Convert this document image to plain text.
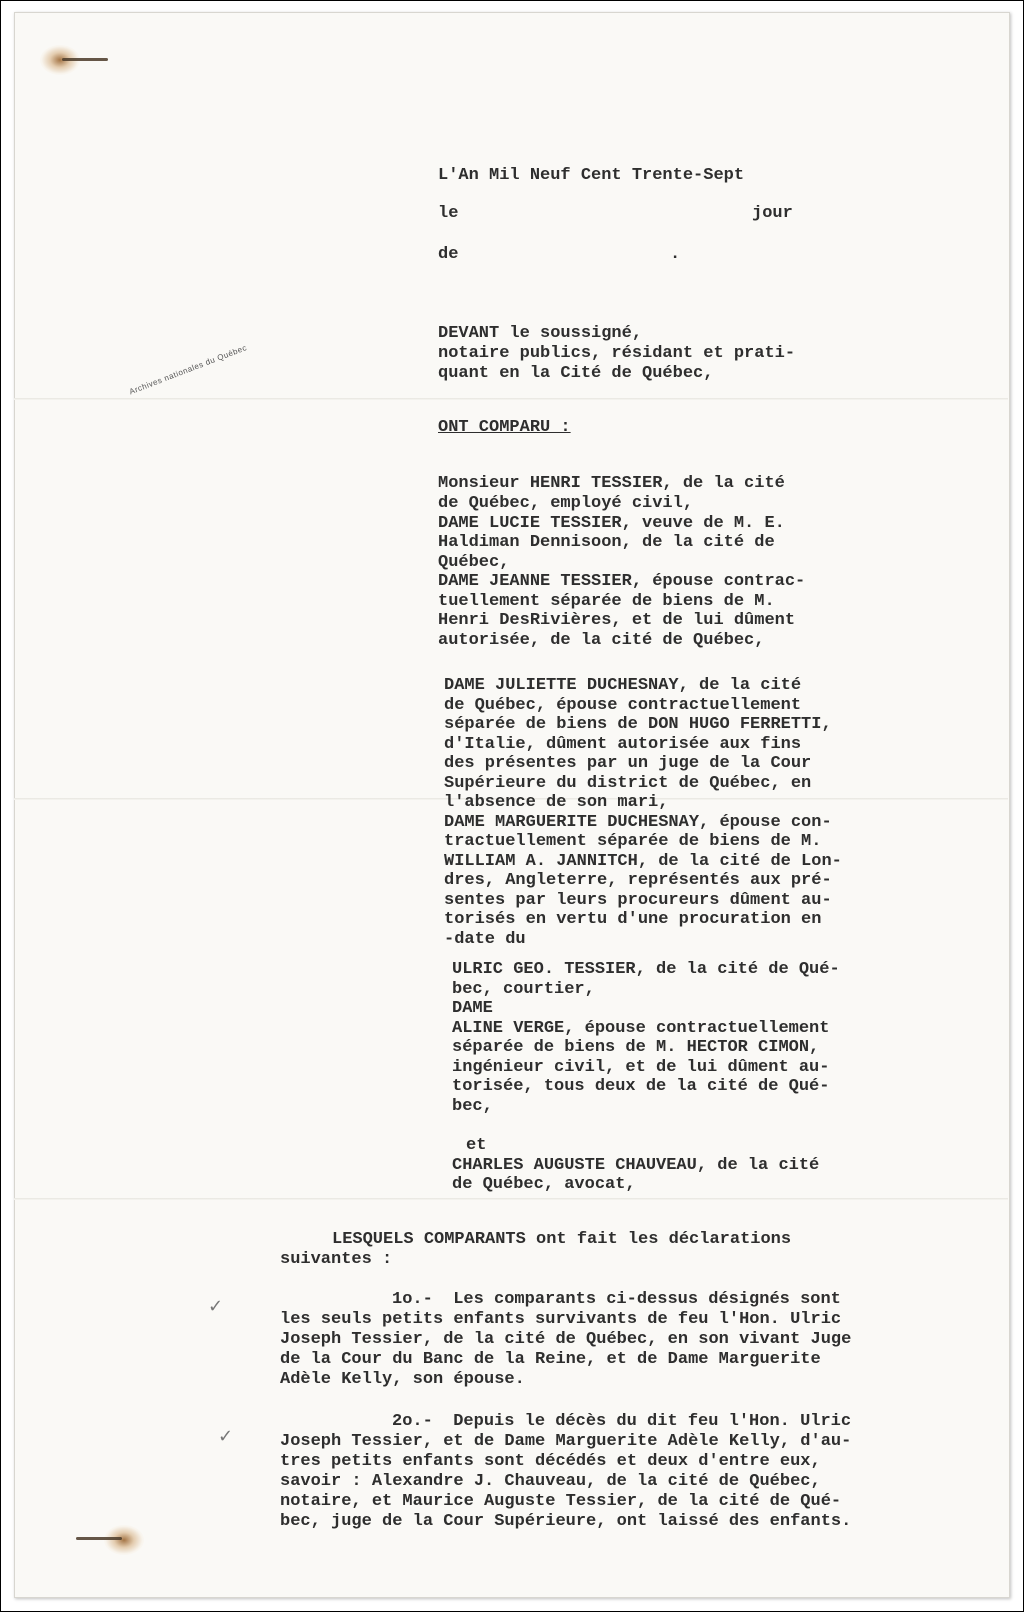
Archives nationales du Québec
L'An Mil Neuf Cent Trente-Sept
le	jour
de	.
DEVANT le soussigné,
notaire publics, résidant et prati-
quant en la Cité de Québec,
ONT COMPARU :
Monsieur HENRI TESSIER, de la cité
de Québec, employé civil,
DAME LUCIE TESSIER, veuve de M. E.
Haldiman Dennisoon, de la cité de
Québec,
DAME JEANNE TESSIER, épouse contrac-
tuellement séparée de biens de M.
Henri DesRivières, et de lui dûment
autorisée, de la cité de Québec,
DAME JULIETTE DUCHESNAY, de la cité
de Québec, épouse contractuellement
séparée de biens de DON HUGO FERRETTI,
d'Italie, dûment autorisée aux fins
des présentes par un juge de la Cour
Supérieure du district de Québec, en
l'absence de son mari,
DAME MARGUERITE DUCHESNAY, épouse con-
tractuellement séparée de biens de M.
WILLIAM A. JANNITCH, de la cité de Lon-
dres, Angleterre, représentés aux pré-
sentes par leurs procureurs dûment au-
torisés en vertu d'une procuration en
-date du
ULRIC GEO. TESSIER, de la cité de Qué-
bec, courtier,
DAME
ALINE VERGE, épouse contractuellement
séparée de biens de M. HECTOR CIMON,
ingénieur civil, et de lui dûment au-
torisée, tous deux de la cité de Qué-
bec,
et
CHARLES AUGUSTE CHAUVEAU, de la cité
de Québec, avocat,
LESQUELS COMPARANTS ont fait les déclarations
suivantes :
✓
✓
1o.-  Les comparants ci-dessus désignés sont
les seuls petits enfants survivants de feu l'Hon. Ulric
Joseph Tessier, de la cité de Québec, en son vivant Juge
de la Cour du Banc de la Reine, et de Dame Marguerite
Adèle Kelly, son épouse.
2o.-  Depuis le décès du dit feu l'Hon. Ulric
Joseph Tessier, et de Dame Marguerite Adèle Kelly, d'au-
tres petits enfants sont décédés et deux d'entre eux,
savoir : Alexandre J. Chauveau, de la cité de Québec,
notaire, et Maurice Auguste Tessier, de la cité de Qué-
bec, juge de la Cour Supérieure, ont laissé des enfants.
